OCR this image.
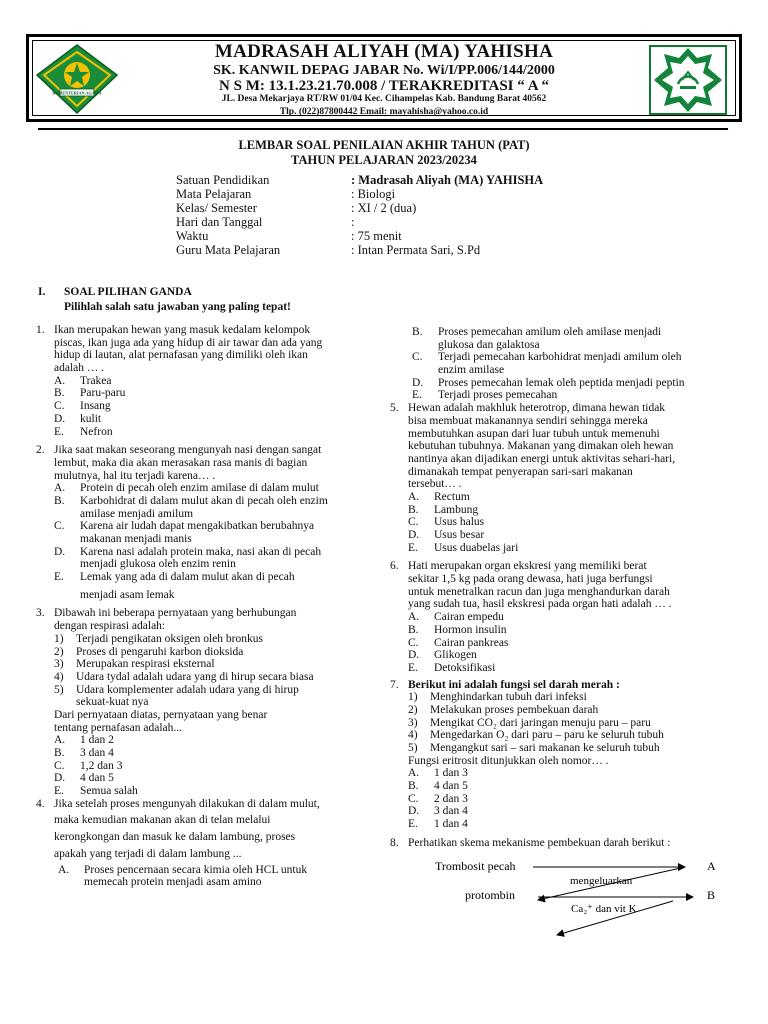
KEMENTERIAN AGAMA
MADRASAH ALIYAH (MA) YAHISHA
SK. KANWIL DEPAG JABAR No. Wi/I/PP.006/144/2000
N S M: 13.1.23.21.70.008 / TERAKREDITASI “ A “
JL. Desa Mekarjaya RT/RW 01/04 Kec. Cihampelas Kab. Bandung Barat 40562
Tlp. (022)87800442 Email: mayahisha@yahoo.co.id
LEMBAR SOAL PENILAIAN AKHIR TAHUN (PAT)
TAHUN PELAJARAN 2023/20234
Satuan Pendidikan	: Madrasah Aliyah (MA) YAHISHA
Mata Pelajaran	: Biologi
Kelas/ Semester	: XI / 2 (dua)
Hari dan Tanggal	:
Waktu	: 75 menit
Guru Mata Pelajaran	: Intan Permata Sari, S.Pd
I. SOAL PILIHAN GANDA
Pilihlah salah satu jawaban yang paling tepat!
1. Ikan merupakan hewan yang masuk kedalam kelompok
piscas, ikan juga ada yang hidup di air tawar dan ada yang
hidup di lautan, alat pernafasan yang dimiliki oleh ikan
adalah … .
A. Trakea
B. Paru-paru
C. Insang
D. kulit
E. Nefron
2. Jika saat makan seseorang mengunyah nasi dengan sangat
lembut, maka dia akan merasakan rasa manis di bagian
mulutnya, hal itu terjadi karena… .
A. Protein di pecah oleh enzim amilase di dalam mulut
B. Karbohidrat di dalam mulut akan di pecah oleh enzim
amilase menjadi amilum
C. Karena air ludah dapat mengakibatkan berubahnya
makanan menjadi manis
D. Karena nasi adalah protein maka, nasi akan di pecah
menjadi glukosa oleh enzim renin
E. Lemak yang ada di dalam mulut akan di pecah
menjadi asam lemak
3. Dibawah ini beberapa pernyataan yang berhubungan
dengan respirasi adalah:
1) Terjadi pengikatan oksigen oleh bronkus
2) Proses di pengaruhi karbon dioksida
3) Merupakan respirasi eksternal
4) Udara tydal adalah udara yang di hirup secara biasa
5) Udara komplementer adalah udara yang di hirup
sekuat-kuat nya
Dari pernyataan diatas, pernyataan yang benar
tentang pernafasan adalah...
A. 1 dan 2
B. 3 dan 4
C. 1,2 dan 3
D. 4 dan 5
E. Semua salah
4. Jika setelah proses mengunyah dilakukan di dalam mulut,
maka kemudian makanan akan di telan melalui
kerongkongan dan masuk ke dalam lambung, proses
apakah yang terjadi di dalam lambung ...
A. Proses pencernaan secara kimia oleh HCL untuk
memecah protein menjadi asam amino
B. Proses pemecahan amilum oleh amilase menjadi
glukosa dan galaktosa
C. Terjadi pemecahan karbohidrat menjadi amilum oleh
enzim amilase
D. Proses pemecahan lemak oleh peptida menjadi peptin
E. Terjadi proses pemecahan
5. Hewan adalah makhluk heterotrop, dimana hewan tidak
bisa membuat makanannya sendiri sehingga mereka
membutuhkan asupan dari luar tubuh untuk memenuhi
kebutuhan tubuhnya. Makanan yang dimakan oleh hewan
nantinya akan dijadikan energi untuk aktivitas sehari-hari,
dimanakah tempat penyerapan sari-sari makanan
tersebut… .
A. Rectum
B. Lambung
C. Usus halus
D. Usus besar
E. Usus duabelas jari
6. Hati merupakan organ ekskresi yang memiliki berat
sekitar 1,5 kg pada orang dewasa, hati juga berfungsi
untuk menetralkan racun dan juga menghandurkan darah
yang sudah tua, hasil ekskresi pada organ hati adalah … .
A. Cairan empedu
B. Hormon insulin
C. Cairan pankreas
D. Glikogen
E. Detoksifikasi
7. Berikut ini adalah fungsi sel darah merah :
1) Menghindarkan tubuh dari infeksi
2) Melakukan proses pembekuan darah
3) Mengikat CO₂ dari jaringan menuju paru – paru
4) Mengedarkan O₂ dari paru – paru ke seluruh tubuh
5) Mengangkut sari – sari makanan ke seluruh tubuh
Fungsi eritrosit ditunjukkan oleh nomor… .
A. 1 dan 3
B. 4 dan 5
C. 2 dan 3
D. 3 dan 4
E. 1 dan 4
8. Perhatikan skema mekanisme pembekuan darah berikut :
Trombosit pecah	A
mengeluarkan
protombin	B
Ca₂⁺ dan vit K
